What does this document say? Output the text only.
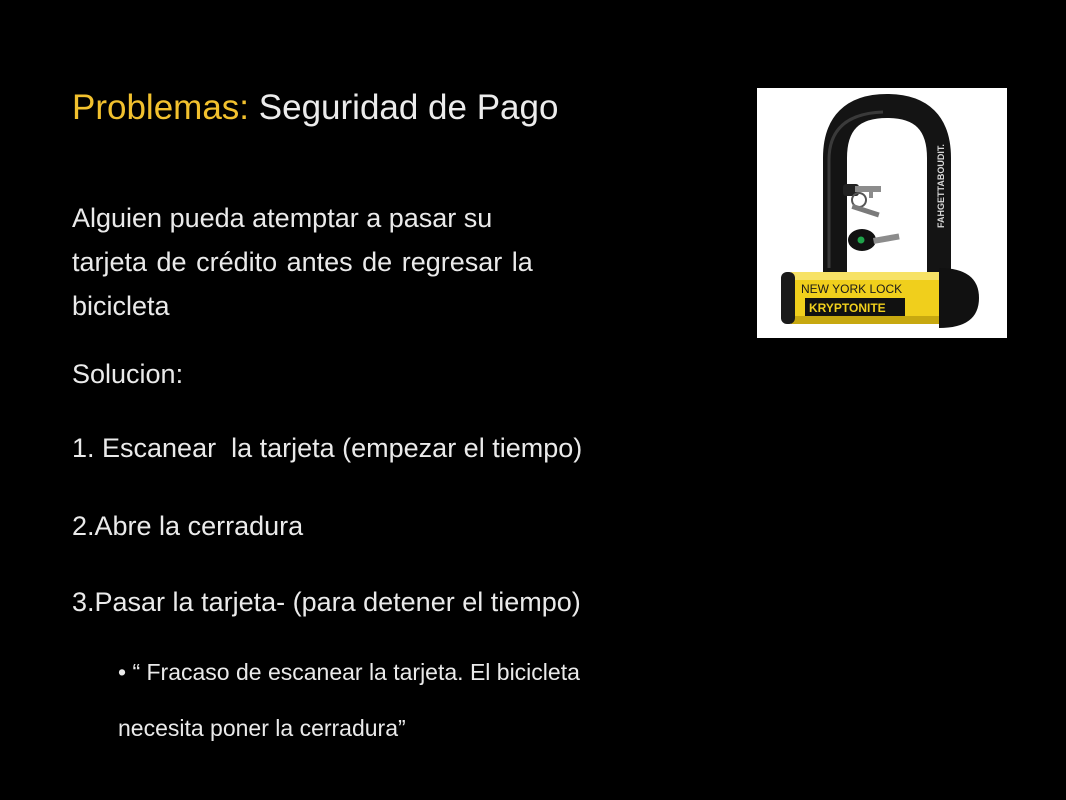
Problemas: Seguridad de Pago
Alguien pueda atemptar a pasar su
tarjeta de crédito antes de regresar la
bicicleta
Solucion:
1. Escanear  la tarjeta (empezar el tiempo)
2.Abre la cerradura
3.Pasar la tarjeta- (para detener el tiempo)
• “ Fracaso de escanear la tarjeta. El bicicleta
necesita poner la cerradura”
FAHGETTABOUDIT.
NEW YORK LOCK
KRYPTONITE
